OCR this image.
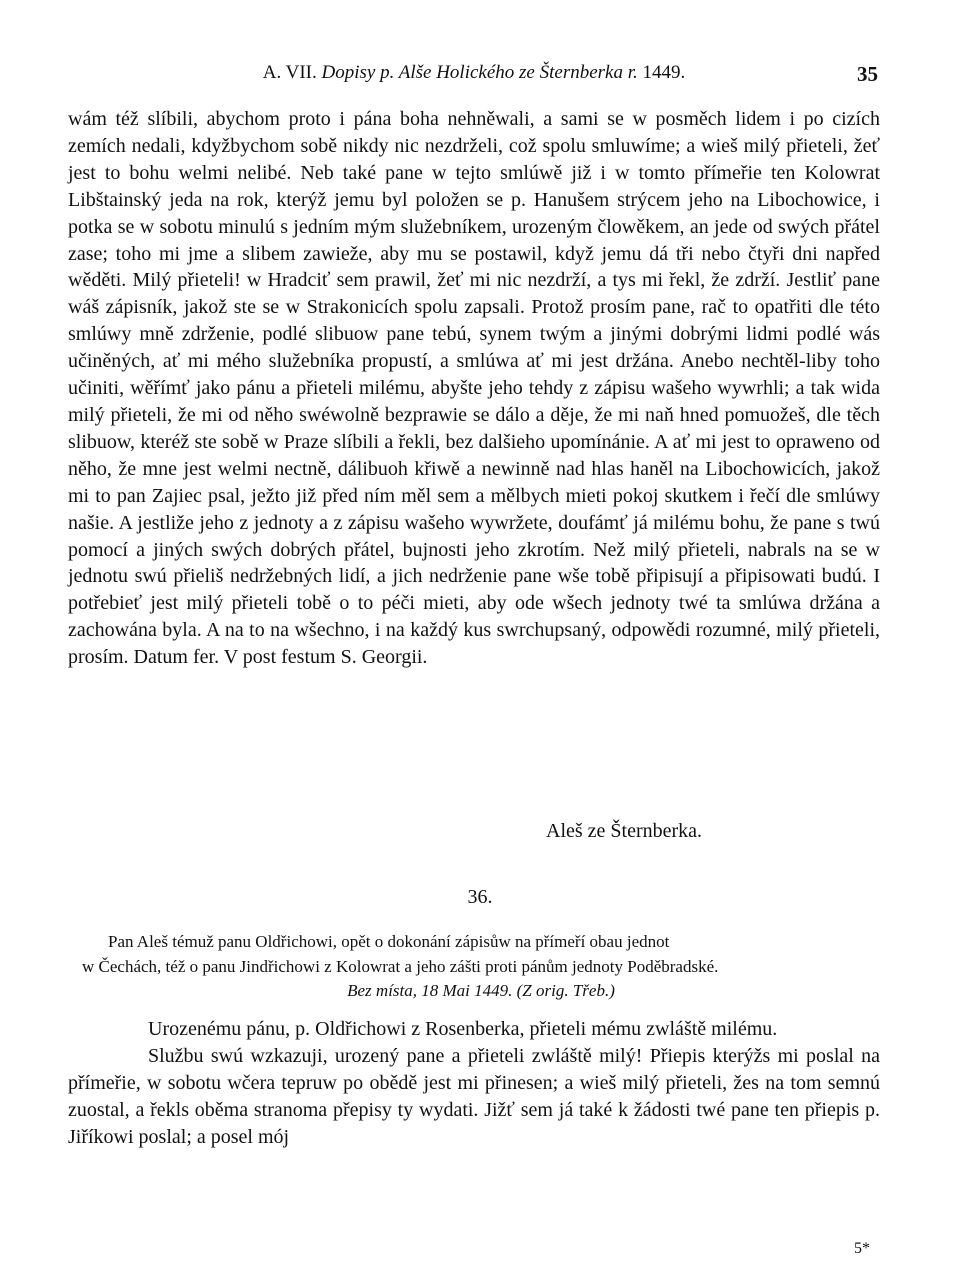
A. VII. Dopisy p. Alše Holického ze Šternberka r. 1449.	35

wám též slíbili, abychom proto i pána boha nehněwali, a sami se w posměch lidem i po cizích zemích nedali, kdyžbychom sobě nikdy nic nezdrželi, což spolu smluwíme; a wieš milý přieteli, žeť jest to bohu welmi nelibé. Neb také pane w tejto smlúwě již i w tomto přímeřie ten Kolowrat Libštainský jeda na rok, kterýž jemu byl položen se p. Hanušem strýcem jeho na Libochowice, i potka se w sobotu minulú s jedním mým služebníkem, urozeným člowěkem, an jede od swých přátel zase; toho mi jme a slibem zawieže, aby mu se postawil, když jemu dá tři nebo čtyři dni napřed wěděti. Milý přieteli! w Hradciť sem prawil, žeť mi nic nezdrží, a tys mi řekl, že zdrží. Jestliť pane wáš zápisník, jakož ste se w Strakonicích spolu zapsali. Protož prosím pane, rač to opatřiti dle této smlúwy mně zdrženie, podlé slibuow pane tebú, synem twým a jinými dobrými lidmi podlé wás učiněných, ať mi mého služebníka propustí, a smlúwa ať mi jest držána. Anebo nechtěl-liby toho učiniti, wěřímť jako pánu a přieteli milému, abyšte jeho tehdy z zápisu wašeho wywrhli; a tak wida milý přieteli, že mi od něho swéwolně bezprawie se dálo a děje, že mi naň hned pomuožeš, dle těch slibuow, kteréž ste sobě w Praze slíbili a řekli, bez dalšieho upomínánie. A ať mi jest to opraweno od něho, že mne jest welmi nectně, dálibuoh křiwě a newinně nad hlas haněl na Libochowicích, jakož mi to pan Zajiec psal, ježto již před ním měl sem a mělbych mieti pokoj skutkem i řečí dle smlúwy našie. A jestliže jeho z jednoty a z zápisu wašeho wywržete, doufámť já milému bohu, že pane s twú pomocí a jiných swých dobrých přátel, bujnosti jeho zkrotím. Než milý přieteli, nabrals na se w jednotu swú přieliš nedržebných lidí, a jich nedrženie pane wše tobě připisují a připisowati budú. I potřebieť jest milý přieteli tobě o to péči mieti, aby ode wšech jednoty twé ta smlúwa držána a zachowána byla. A na to na wšechno, i na každý kus swrchupsaný, odpowědi rozumné, milý přieteli, prosím. Datum fer. V post festum S. Georgii.

Aleš ze Šternberka.
36.
Pan Aleš témuž panu Oldřichowi, opět o dokonání zápisůw na přímeří obau jednot
w Čechách, též o panu Jindřichowi z Kolowrat a jeho zášti proti pánům jednoty Poděbradské.
Bez místa, 18 Mai 1449. (Z orig. Třeb.)

Urozenému pánu, p. Oldřichowi z Rosenberka, přieteli mému zwláště milému.

Službu swú wzkazuji, urozený pane a přieteli zwláště milý! Přiepis kterýžs mi poslal na přímeřie, w sobotu wčera tepruw po obědě jest mi přinesen; a wieš milý přieteli, žes na tom semnú zuostal, a řekls oběma stranoma přepisy ty wydati. Jižť sem já také k žádosti twé pane ten přiepis p. Jiříkowi poslal; a posel mój

5*
